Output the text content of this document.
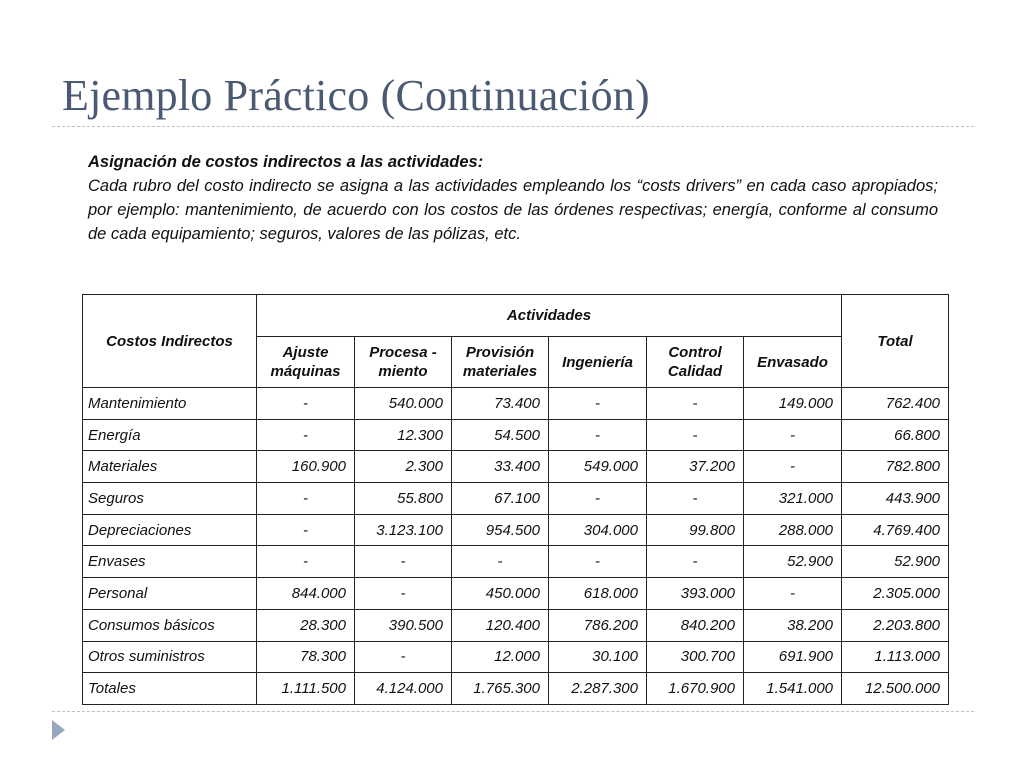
Ejemplo Práctico (Continuación)
Asignación de costos indirectos a las actividades:
Cada rubro del costo indirecto se asigna a las actividades empleando los “costs drivers” en cada caso apropiados; por ejemplo: mantenimiento, de acuerdo con los costos de las órdenes respectivas; energía, conforme al consumo de cada equipamiento; seguros, valores de las pólizas, etc.
Costos Indirectos	Actividades						Total
	Ajuste máquinas	Procesa - miento	Provisión materiales	Ingeniería	Control Calidad	Envasado	
Mantenimiento	-	540.000	73.400	-	-	149.000	762.400
Energía	-	12.300	54.500	-	-	-	66.800
Materiales	160.900	2.300	33.400	549.000	37.200	-	782.800
Seguros	-	55.800	67.100	-	-	321.000	443.900
Depreciaciones	-	3.123.100	954.500	304.000	99.800	288.000	4.769.400
Envases	-	-	-	-	-	52.900	52.900
Personal	844.000	-	450.000	618.000	393.000	-	2.305.000
Consumos básicos	28.300	390.500	120.400	786.200	840.200	38.200	2.203.800
Otros suministros	78.300	-	12.000	30.100	300.700	691.900	1.113.000
Totales	1.111.500	4.124.000	1.765.300	2.287.300	1.670.900	1.541.000	12.500.000
